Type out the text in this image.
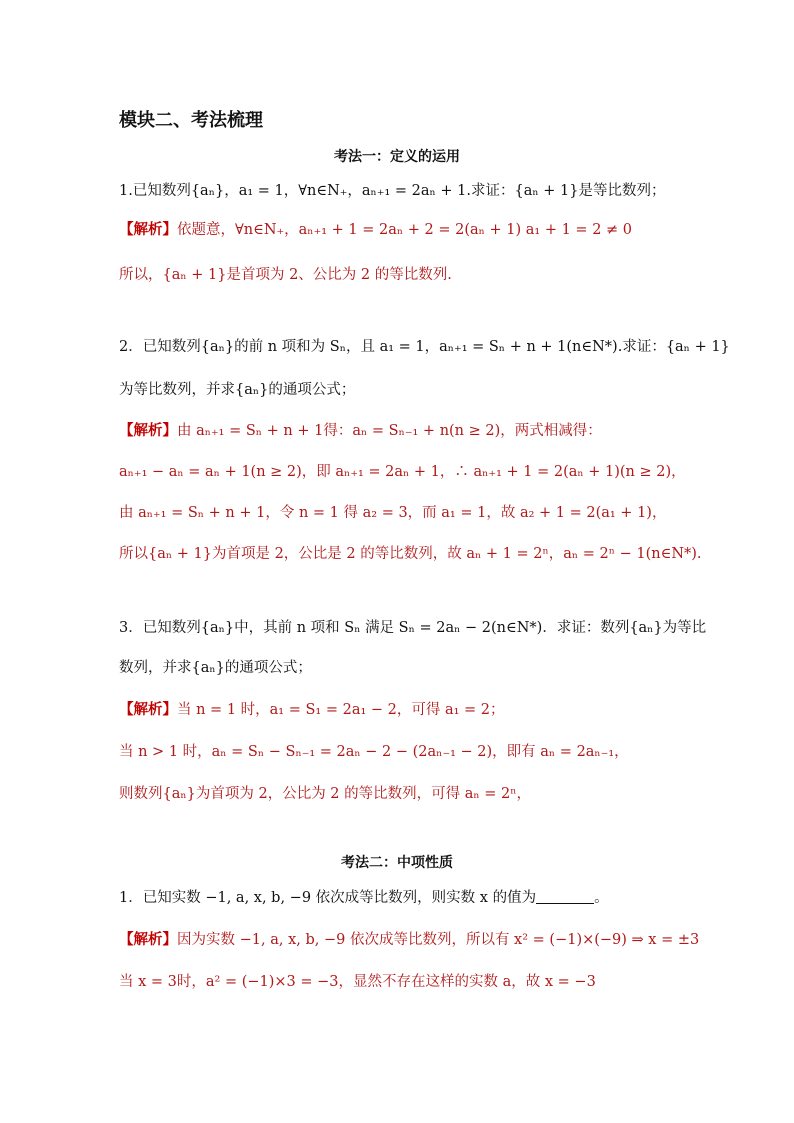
模块二、考法梳理
考法一：定义的运用
1.已知数列{aₙ}，a₁ = 1，∀n∈N₊，aₙ₊₁ = 2aₙ + 1.求证：{aₙ + 1}是等比数列；
【解析】依题意，∀n∈N₊，aₙ₊₁ + 1 = 2aₙ + 2 = 2(aₙ + 1) a₁ + 1 = 2 ≠ 0
所以，{aₙ + 1}是首项为 2、公比为 2 的等比数列.
2．已知数列{aₙ}的前 n 项和为 Sₙ，且 a₁ = 1，aₙ₊₁ = Sₙ + n + 1(n∈N*).求证：{aₙ + 1}
为等比数列，并求{aₙ}的通项公式；
【解析】由 aₙ₊₁ = Sₙ + n + 1得：aₙ = Sₙ₋₁ + n(n ≥ 2)，两式相减得：
aₙ₊₁ − aₙ = aₙ + 1(n ≥ 2)，即 aₙ₊₁ = 2aₙ + 1，∴ aₙ₊₁ + 1 = 2(aₙ + 1)(n ≥ 2)，
由 aₙ₊₁ = Sₙ + n + 1，令 n = 1 得 a₂ = 3，而 a₁ = 1，故 a₂ + 1 = 2(a₁ + 1)，
所以{aₙ + 1}为首项是 2，公比是 2 的等比数列，故 aₙ + 1 = 2ⁿ，aₙ = 2ⁿ − 1(n∈N*).
3．已知数列{aₙ}中，其前 n 项和 Sₙ 满足 Sₙ = 2aₙ − 2(n∈N*)．求证：数列{aₙ}为等比
数列，并求{aₙ}的通项公式；
【解析】当 n = 1 时，a₁ = S₁ = 2a₁ − 2，可得 a₁ = 2；
当 n > 1 时，aₙ = Sₙ − Sₙ₋₁ = 2aₙ − 2 − (2aₙ₋₁ − 2)，即有 aₙ = 2aₙ₋₁，
则数列{aₙ}为首项为 2，公比为 2 的等比数列，可得 aₙ = 2ⁿ，
考法二：中项性质
1．已知实数 −1, a, x, b, −9 依次成等比数列，则实数 x 的值为	。
【解析】因为实数 −1, a, x, b, −9 依次成等比数列，所以有 x² = (−1)×(−9) ⇒ x = ±3
当 x = 3时，a² = (−1)×3 = −3，显然不存在这样的实数 a，故 x = −3
